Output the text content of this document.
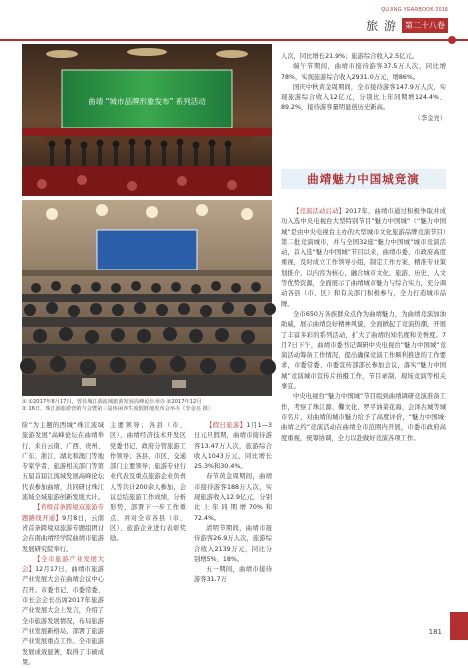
QUJING YEARBOOK 2018
旅 游	第二十八卷
曲靖 “城市品牌形象发布” 系列活动
① ①2017年8月17日，曾县城江源流域旅游发展高峰论坛举办 ②2017年12月
② 16日，珠江源旅游营销与会暨第三届休闲养生度假胜地发布会举办（李金亮 摄）

阶”为主题的西城“珠江流域旅游发展”高峰论坛在曲靖举行，来自云南、广西、贵州、广东、浙江、湖北和澳门等地专家学者、旅游相关部门等第五届首届江流域发展高峰论坛代表参加曲靖，共同研讨珠江流域全域旅游创新发展大计。

【省级首条跨境双旅游专题路线开通】9月8日，云南省首条跨境双旅游专题组团讨会在南曲靖经学院曲靖市旅游发展研究院举行。

【全市旅游产业发展大会】12月17日，曲靖市旅游产业发展大会在曲靖会议中心召开。市委书记、市委常委、市长会会长出席2017年旅游产业发展大会上发言，介绍了全市旅游发展情况，布局旅游产业发展新格局，部署了旅游产业发展重点工作。全市旅游发展成效显著，取得了丰硕成果。

主要领导；各县（市、区）、曲靖经济技术开发区党委书记、政府分管旅游工作领导；各县、市区、交通部门主要领导；旅游专业行业代表及重点旅游企业负责人等共计200余人参加，会议总结旅游工作成绩，分析形势，部署下一步工作重点，并对全市各县（市、区）、旅游企业进行表彰奖励。

【假日旅游】1月1—3日元旦假期，曲靖市接待游客13.47万人次，旅游综合收入1043万元，同比增长25.3%和30.4%。

春节黄金周期间，曲靖市接待游客188万人次，实现旅游收入12.9亿元，分别比上年同期增70%和72.4%。

清明节期间，曲靖市接待游客26.9万人次，旅游综合收入2139万元，同比分别增5%、18%。

五一期间，曲靖市接待游客31.7万

人次，同比增长21.9%；旅游综合收入2.5亿元。

端午节期间，曲靖市接待游客37.5万人次，同比增78%，实现旅游综合收入2931.0万元，增86%。

国庆中秋黄金周期间，全市接待游客147.9万人次，实现旅游综合收入12亿元，分别比上年同期增124.4%、89.2%，接待游客量明显创历史新高。

（李金亮）
曲靖魅力中国城竞演

【竞演活动启动】2017年，曲靖市通过积极争取并成功入选中央电视台大型特别节目“魅力中国城”（“魅力中国城”是由中央电视台主办的大型城市文化旅游品牌竞演节目）第二批竞演城市，并与全国32座“魅力中国城”城市竞演活动，首入选“魅力中国城”节目以来，曲靖市委、市政府高度重视，及时成立工作领导小组，制定工作方案，精准专业策划推介，以内容为核心，融合城市文化、旅游、历史、人文等优势资源，全面展示了曲靖城市魅力与综合实力，充分调动各县（市、区）和有关部门积极参与，全力打造城市品牌。

全市650万各族群众点作为曲靖魅力，为曲靖竞演加油助威，展示曲靖良好精神风貌，全面掀起了竞演热潮，开展了丰富多彩的系列活动，扩大了曲靖的知名度和美誉度。7月7日下午，曲靖市委书记调研中央电视台“魅力中国城”竞演活动筹备工作情况，提出确保竞演工作顺利推进的工作要求，市委常委、市委宣传部部长参加会议，落实“魅力中国城”竞演城市宣传片拍摄工作，节目录制、现场竞演等相关事宜。

中央电视台“魅力中国城”节目组到曲靖调研竞演准备工作，考察了珠江源、爨文化、罗平油菜花海、会泽古城等城市名片，对曲靖的城市魅力给予了高度评价，“魅力中国城·曲靖之约”竞演活动在曲靖全市范围内开展，市委市政府高度重视，统筹协调，全力以赴做好竞演各项工作。

181
